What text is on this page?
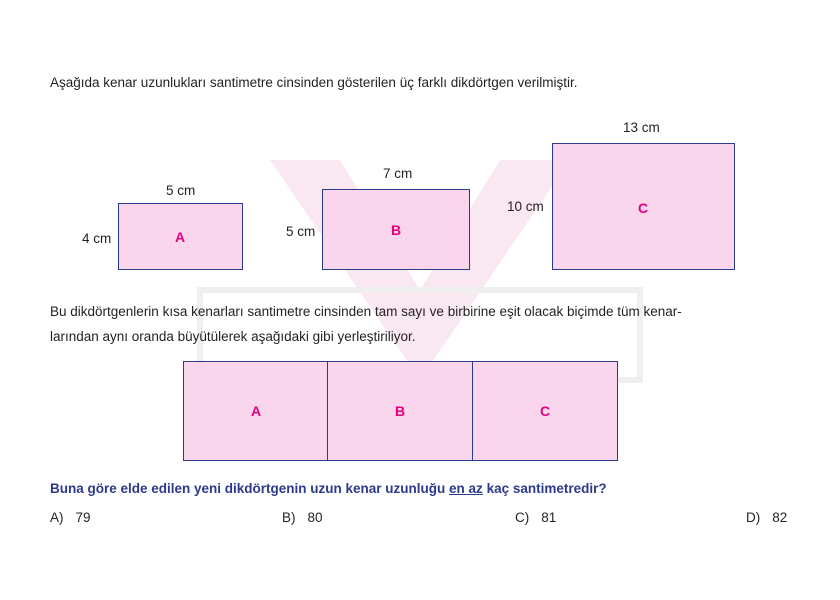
Aşağıda kenar uzunlukları santimetre cinsinden gösterilen üç farklı dikdörtgen verilmiştir.
A
5 cm
4 cm
B
7 cm
5 cm
C
13 cm
10 cm
Bu dikdörtgenlerin kısa kenarları santimetre cinsinden tam sayı ve birbirine eşit olacak biçimde tüm kenar-
larından aynı oranda büyütülerek aşağıdaki gibi yerleştiriliyor.
A	B	C
Buna göre elde edilen yeni dikdörtgenin uzun kenar uzunluğu en az kaç santimetredir?
A) 79	B) 80	C) 81	D) 82
